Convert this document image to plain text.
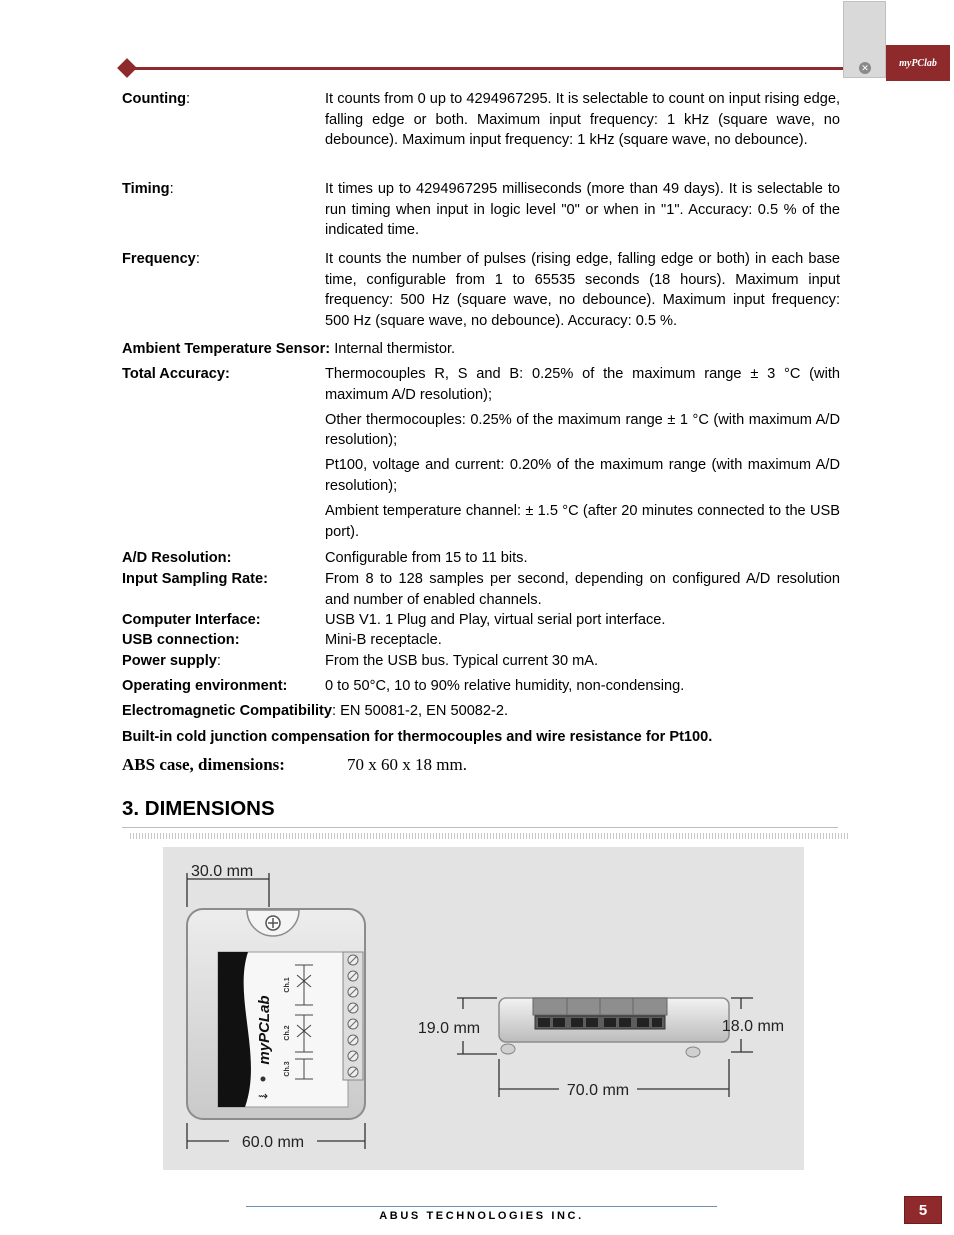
✕	myPClab
Counting:	It counts from 0 up to 4294967295. It is selectable to count on input rising edge, falling edge or both. Maximum input frequency: 1 kHz (square wave, no debounce). Maximum input frequency: 1 kHz (square wave, no debounce).

Timing:	It times up to 4294967295 milliseconds (more than 49 days). It is selectable to run timing when input in logic level "0" or when in "1". Accuracy: 0.5 % of the indicated time.

Frequency:	It counts the number of pulses (rising edge, falling edge or both) in each base time, configurable from 1 to 65535 seconds (18 hours). Maximum input frequency: 500 Hz (square wave, no debounce). Maximum input frequency: 500 Hz (square wave, no debounce). Accuracy: 0.5 %.

Ambient Temperature Sensor: Internal thermistor.
Total Accuracy:	Thermocouples R, S and B: 0.25% of the maximum range ± 3 °C (with maximum A/D resolution);

Other thermocouples: 0.25% of the maximum range ± 1 °C (with maximum A/D resolution);

Pt100, voltage and current: 0.20% of the maximum range (with maximum A/D resolution);

Ambient temperature channel: ± 1.5 °C (after 20 minutes connected to the USB port).

A/D Resolution:	Configurable from 15 to 11 bits.

Input Sampling Rate:	From 8 to 128 samples per second, depending on configured A/D resolution and number of enabled channels.

Computer Interface:	USB V1. 1 Plug and Play, virtual serial port interface.

USB connection:	Mini-B receptacle.

Power supply:	From the USB bus. Typical current 30 mA.

Operating environment:	0 to 50°C, 10 to 90% relative humidity, non-condensing.

Electromagnetic Compatibility: EN 50081-2, EN 50082-2.
Built-in cold junction compensation for thermocouples and wire resistance for Pt100.
ABS case, dimensions:	70 x 60 x 18 mm.
3. DIMENSIONS
30.0 mm
myPCLab
Ch.1
Ch.2
Ch.3
⇝
60.0 mm
19.0 mm	18.0 mm
70.0 mm
ABUS TECHNOLOGIES INC.	5
